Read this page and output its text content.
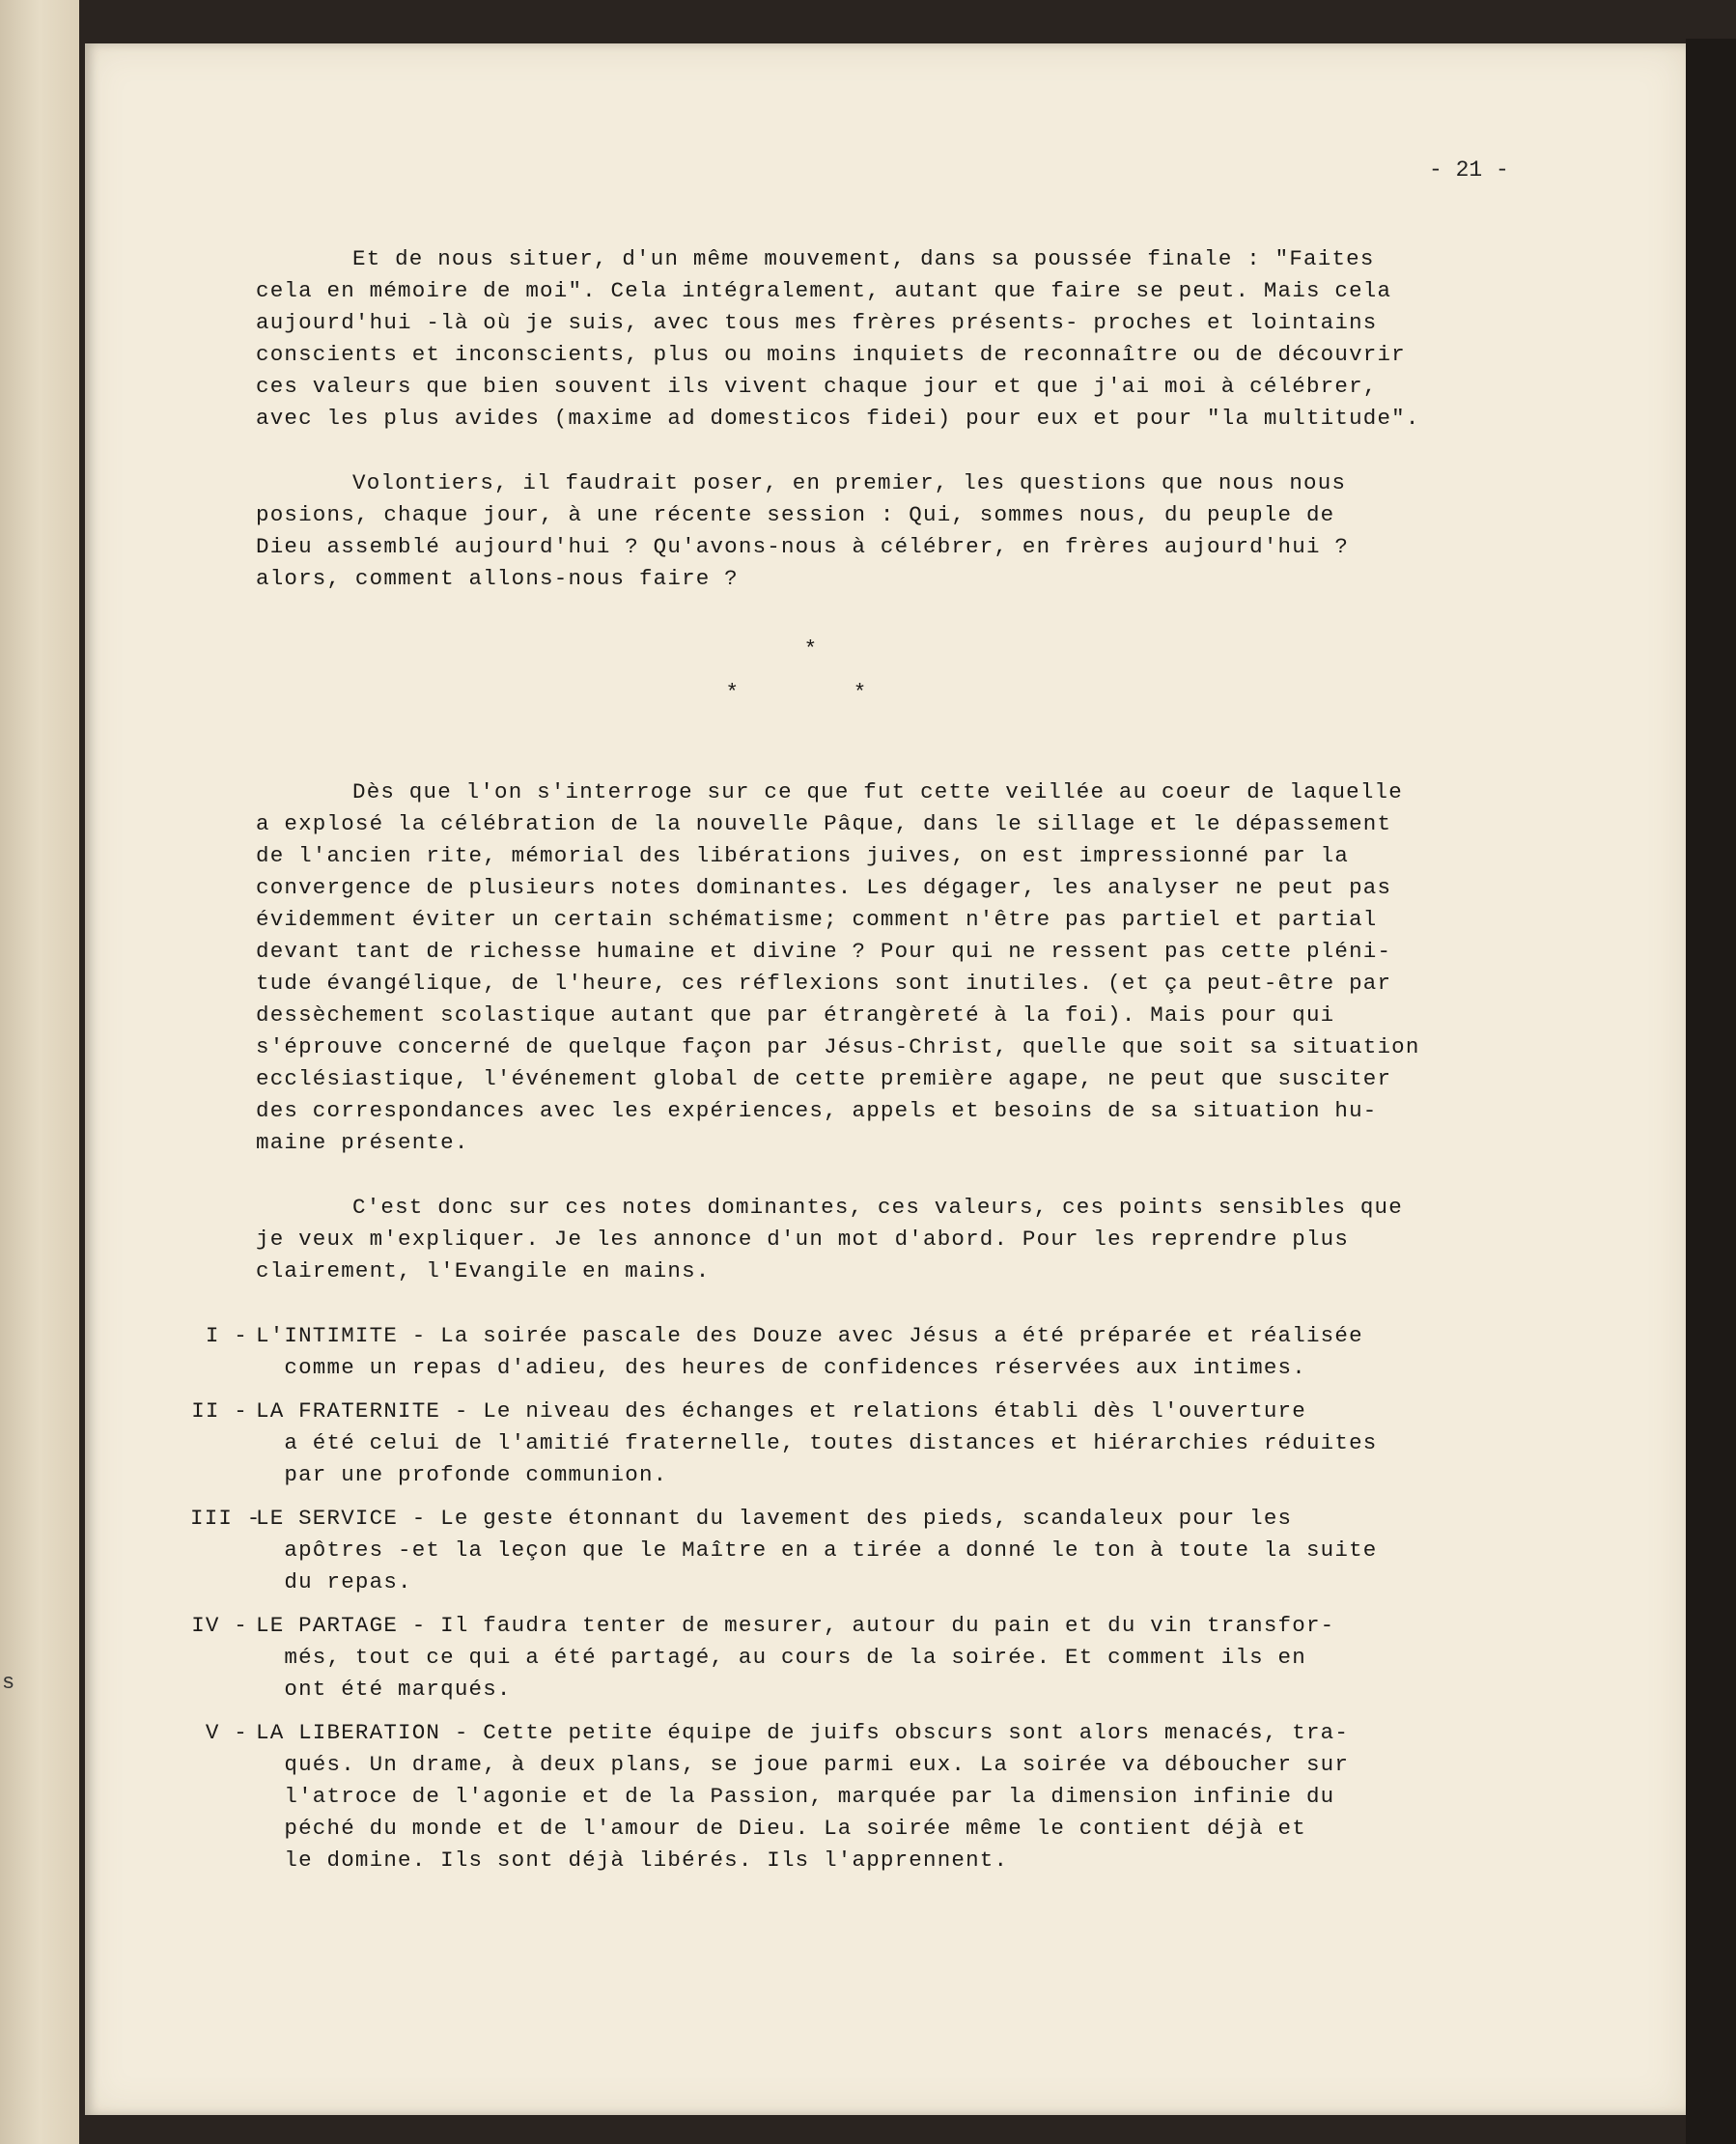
s
- 21 -

Et de nous situer, d'un même mouvement, dans sa poussée finale : "Faites
cela en mémoire de moi". Cela intégralement, autant que faire se peut. Mais cela
aujourd'hui -là où je suis, avec tous mes frères présents- proches et lointains
conscients et inconscients, plus ou moins inquiets de reconnaître ou de découvrir
ces valeurs que bien souvent ils vivent chaque jour et que j'ai moi à célébrer,
avec les plus avides (maxime ad domesticos fidei) pour eux et pour "la multitude".

Volontiers, il faudrait poser, en premier, les questions que nous nous
posions, chaque jour, à une récente session : Qui, sommes nous, du peuple de
Dieu assemblé aujourd'hui ? Qu'avons-nous à célébrer, en frères aujourd'hui ?
alors, comment allons-nous faire ?

*
*        *

Dès que l'on s'interroge sur ce que fut cette veillée au coeur de laquelle
a explosé la célébration de la nouvelle Pâque, dans le sillage et le dépassement
de l'ancien rite, mémorial des libérations juives, on est impressionné par la
convergence de plusieurs notes dominantes. Les dégager, les analyser ne peut pas
évidemment éviter un certain schématisme; comment n'être pas partiel et partial
devant tant de richesse humaine et divine ? Pour qui ne ressent pas cette pléni-
tude évangélique, de l'heure, ces réflexions sont inutiles. (et ça peut-être par
dessèchement scolastique autant que par étrangèreté à la foi). Mais pour qui
s'éprouve concerné de quelque façon par Jésus-Christ, quelle que soit sa situation
ecclésiastique, l'événement global de cette première agape, ne peut que susciter
des correspondances avec les expériences, appels et besoins de sa situation hu-
maine présente.

C'est donc sur ces notes dominantes, ces valeurs, ces points sensibles que
je veux m'expliquer. Je les annonce d'un mot d'abord. Pour les reprendre plus
clairement, l'Evangile en mains.

I - L'INTIMITE - La soirée pascale des Douze avec Jésus a été préparée et réalisée
comme un repas d'adieu, des heures de confidences réservées aux intimes.
II - LA FRATERNITE - Le niveau des échanges et relations établi dès l'ouverture
a été celui de l'amitié fraternelle, toutes distances et hiérarchies réduites
par une profonde communion.
III -
LE SERVICE - Le geste étonnant du lavement des pieds, scandaleux pour les
apôtres -et la leçon que le Maître en a tirée a donné le ton à toute la suite
du repas.
IV - LE PARTAGE - Il faudra tenter de mesurer, autour du pain et du vin transfor-
més, tout ce qui a été partagé, au cours de la soirée. Et comment ils en
ont été marqués.
V - LA LIBERATION - Cette petite équipe de juifs obscurs sont alors menacés, tra-
qués. Un drame, à deux plans, se joue parmi eux. La soirée va déboucher sur
l'atroce de l'agonie et de la Passion, marquée par la dimension infinie du
péché du monde et de l'amour de Dieu. La soirée même le contient déjà et
le domine. Ils sont déjà libérés. Ils l'apprennent.
